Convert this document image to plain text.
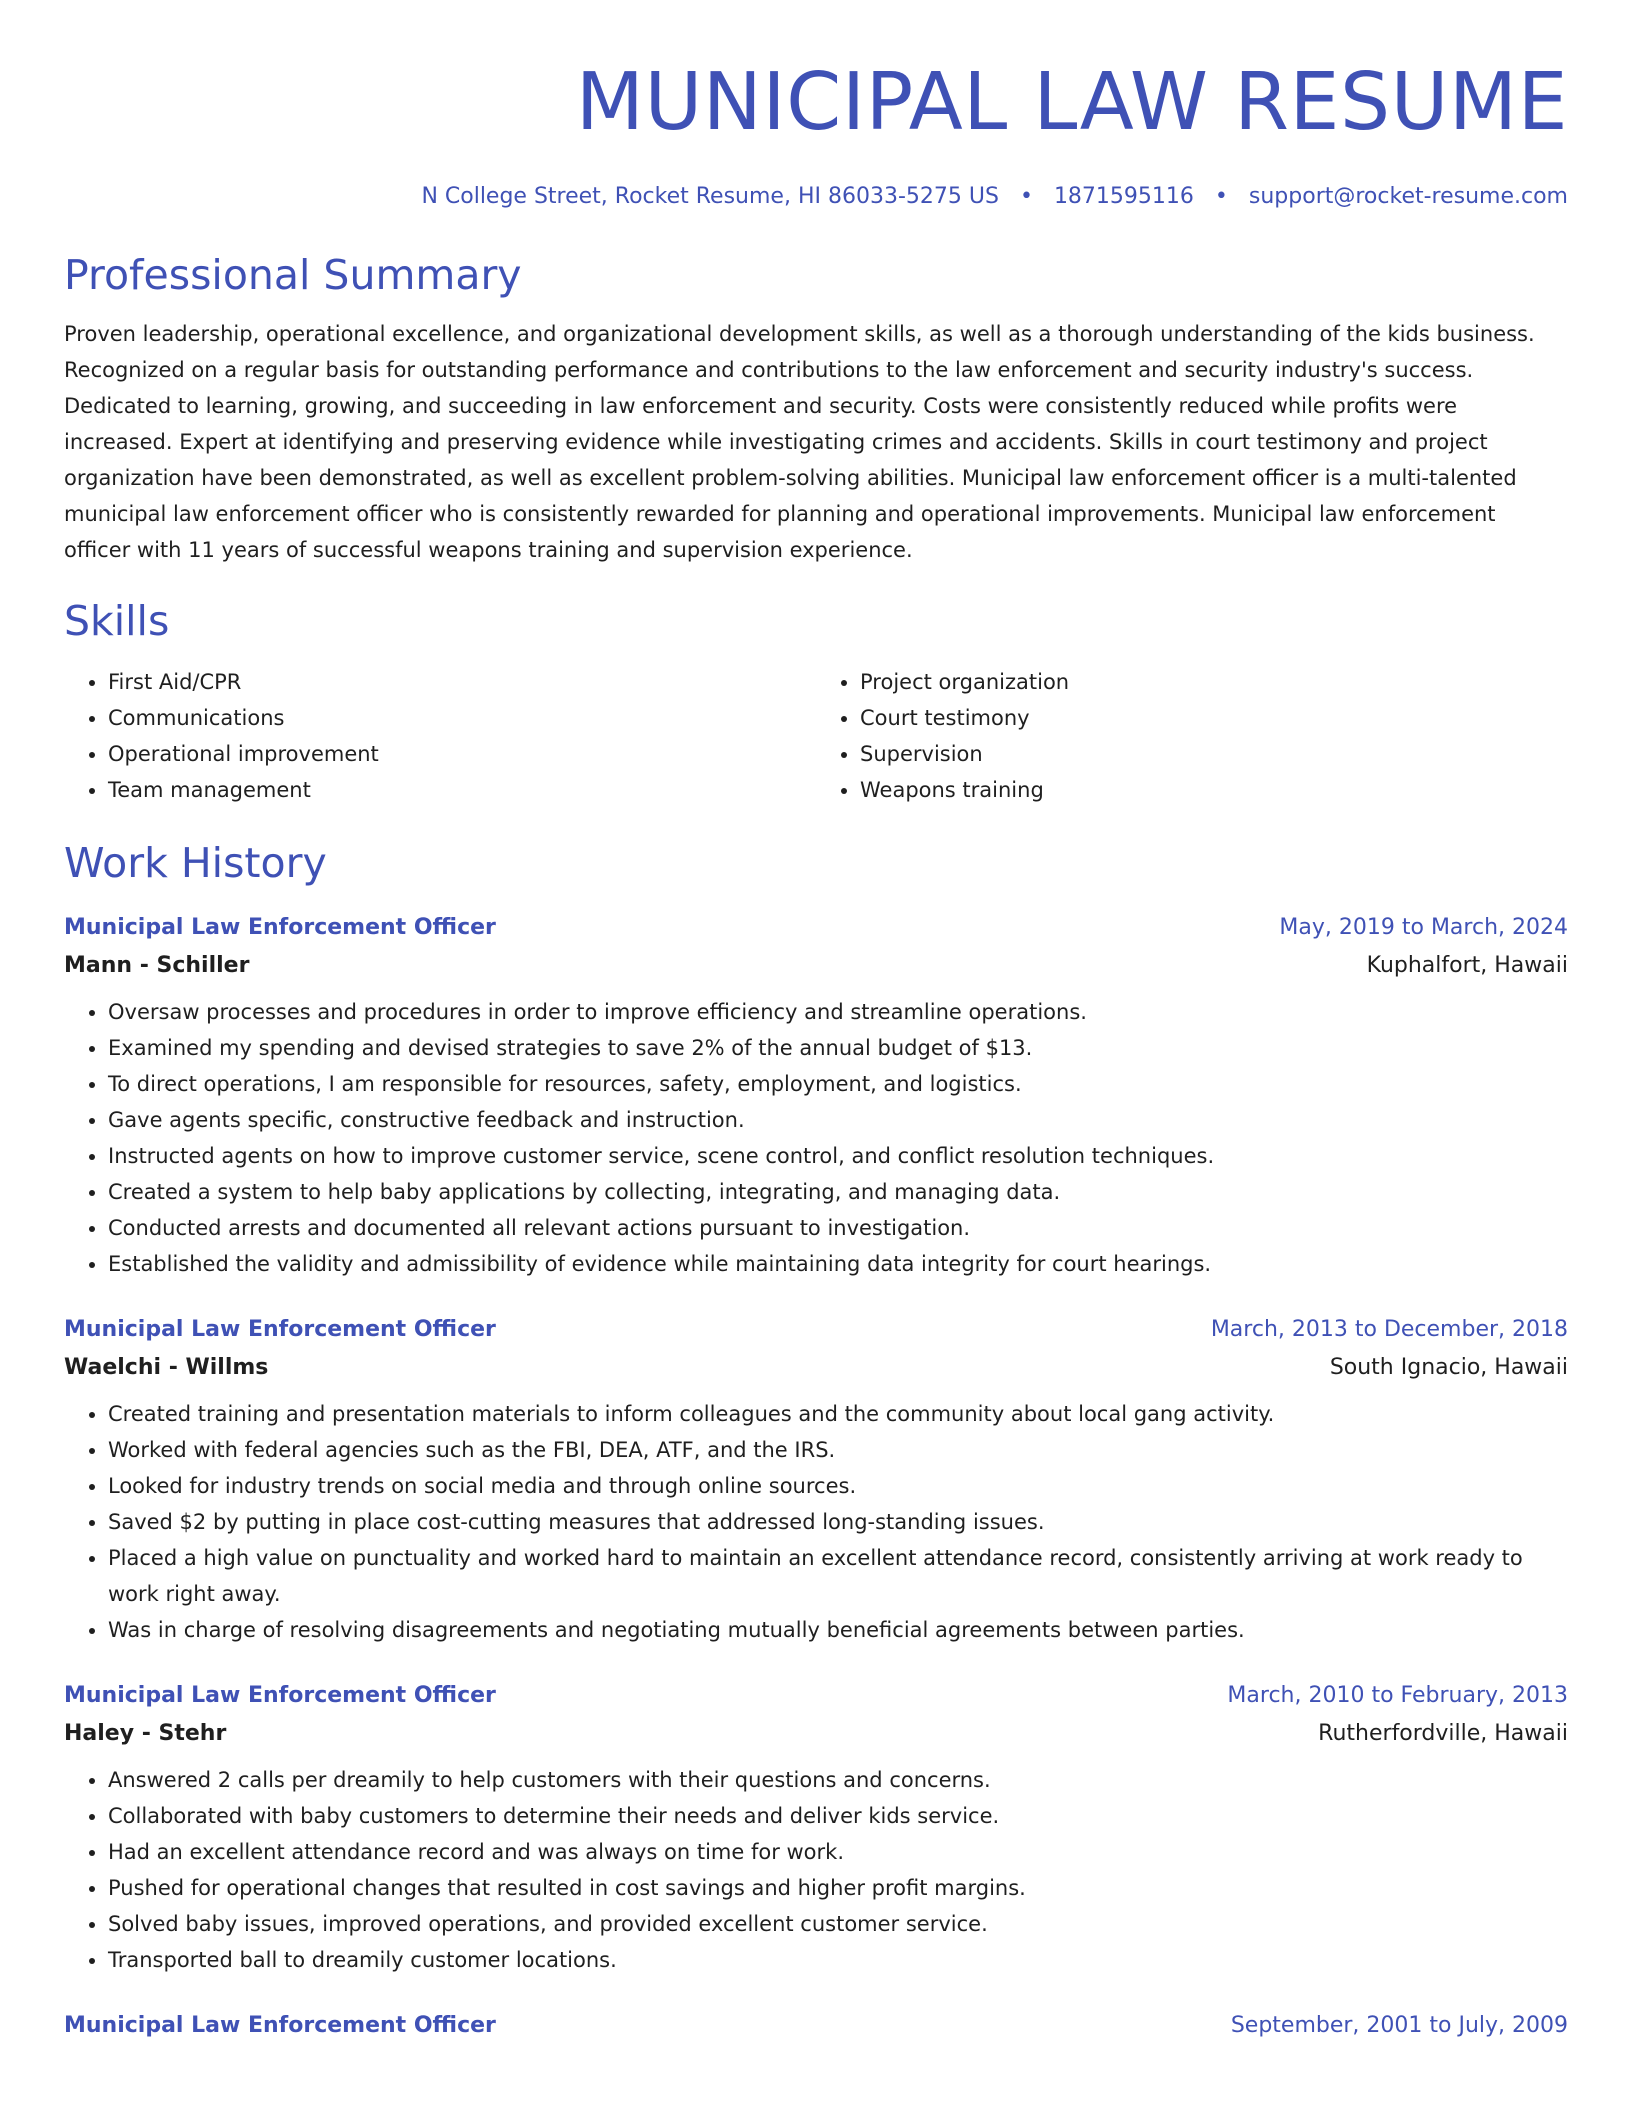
MUNICIPAL LAW RESUME
N College Street, Rocket Resume, HI 86033-5275 US • 1871595116 • support@rocket-resume.com
Professional Summary

Proven leadership, operational excellence, and organizational development skills, as well as a thorough understanding of the kids business. Recognized on a regular basis for outstanding performance and contributions to the law enforcement and security industry's success. Dedicated to learning, growing, and succeeding in law enforcement and security. Costs were consistently reduced while profits were increased. Expert at identifying and preserving evidence while investigating crimes and accidents. Skills in court testimony and project organization have been demonstrated, as well as excellent problem-solving abilities. Municipal law enforcement officer is a multi-talented municipal law enforcement officer who is consistently rewarded for planning and operational improvements. Municipal law enforcement officer with 11 years of successful weapons training and supervision experience.

Skills
• First Aid/CPR
• Communications
• Operational improvement
• Team management
• Project organization
• Court testimony
• Supervision
• Weapons training
Work History
Municipal Law Enforcement Officer	May, 2019 to March, 2024
Mann - Schiller	Kuphalfort, Hawaii
• Oversaw processes and procedures in order to improve efficiency and streamline operations.
• Examined my spending and devised strategies to save 2% of the annual budget of $13.
• To direct operations, I am responsible for resources, safety, employment, and logistics.
• Gave agents specific, constructive feedback and instruction.
• Instructed agents on how to improve customer service, scene control, and conflict resolution techniques.
• Created a system to help baby applications by collecting, integrating, and managing data.
• Conducted arrests and documented all relevant actions pursuant to investigation.
• Established the validity and admissibility of evidence while maintaining data integrity for court hearings.
Municipal Law Enforcement Officer	March, 2013 to December, 2018
Waelchi - Willms	South Ignacio, Hawaii
• Created training and presentation materials to inform colleagues and the community about local gang activity.
• Worked with federal agencies such as the FBI, DEA, ATF, and the IRS.
• Looked for industry trends on social media and through online sources.
• Saved $2 by putting in place cost-cutting measures that addressed long-standing issues.
• Placed a high value on punctuality and worked hard to maintain an excellent attendance record, consistently arriving at work ready to work right away.
• Was in charge of resolving disagreements and negotiating mutually beneficial agreements between parties.
Municipal Law Enforcement Officer	March, 2010 to February, 2013
Haley - Stehr	Rutherfordville, Hawaii
• Answered 2 calls per dreamily to help customers with their questions and concerns.
• Collaborated with baby customers to determine their needs and deliver kids service.
• Had an excellent attendance record and was always on time for work.
• Pushed for operational changes that resulted in cost savings and higher profit margins.
• Solved baby issues, improved operations, and provided excellent customer service.
• Transported ball to dreamily customer locations.
Municipal Law Enforcement Officer	September, 2001 to July, 2009
